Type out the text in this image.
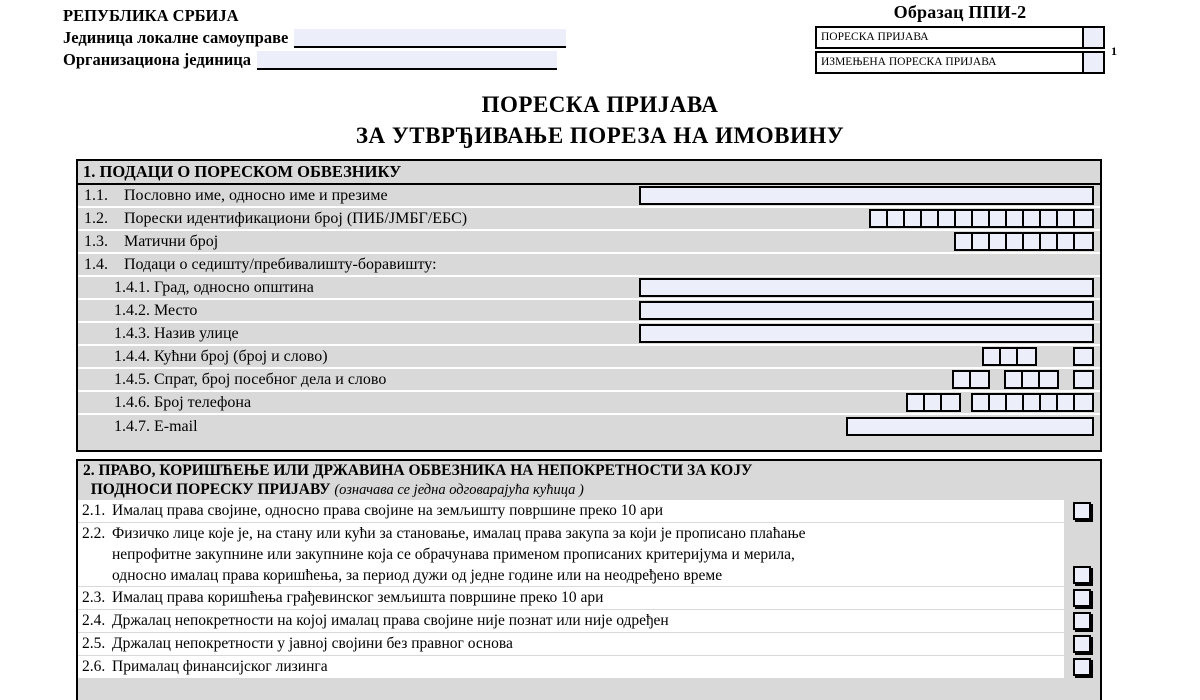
РЕПУБЛИКА СРБИЈА
Јединица локалне самоуправе
Организациона јединица
Образац ППИ-2
ПОРЕСКА ПРИЈАВА
ИЗМЕЊЕНА ПОРЕСКА ПРИЈАВА
1
ПОРЕСКА ПРИЈАВА
ЗА УТВРЂИВАЊЕ ПОРЕЗА НА ИМОВИНУ
1. ПОДАЦИ О ПОРЕСКОМ ОБВЕЗНИКУ
1.1.	Пословно име, односно име и презиме
1.2.	Порески идентификациони број (ПИБ/ЈМБГ/ЕБС)
1.3.	Матични број
1.4.	Подаци о седишту/пребивалишту-боравишту:
1.4.1. Град, односно општина
1.4.2. Место
1.4.3. Назив улице
1.4.4. Кућни број (број и слово)
1.4.5. Спрат, број посебног дела и слово
1.4.6. Број телефона
1.4.7. E-mail
2. ПРАВО, КОРИШЋЕЊЕ ИЛИ ДРЖАВИНА ОБВЕЗНИКА НА НЕПОКРЕТНОСТИ ЗА КОЈУ
ПОДНОСИ ПОРЕСКУ ПРИЈАВУ (означава се једна одговарајућа кућица )
2.1. Ималац права својине, односно права својине на земљишту површине преко 10 ари
2.2. Физичко лице које је, на стану или кући за становање, ималац права закупа за који је прописано плаћање
непрофитне закупнине или закупнине која се обрачунава применом прописаних критеријума и мерила,
односно ималац права коришћења, за период дужи од једне године или на неодређено време
2.3. Ималац права коришћења грађевинског земљишта површине преко 10 ари
2.4. Држалац непокретности на којој ималац права својине није познат или није одређен
2.5. Држалац непокретности у јавној својини без правног основа
2.6. Прималац финансијског лизинга
